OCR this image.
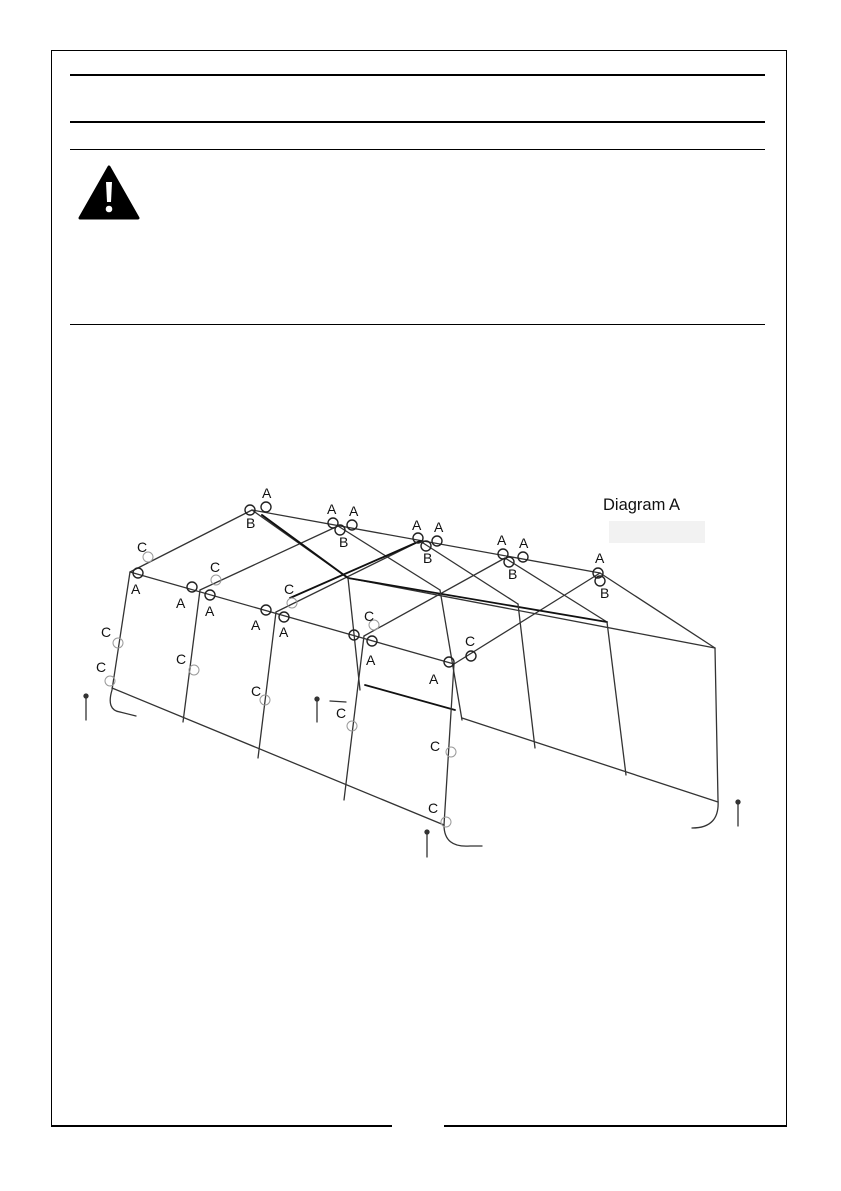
Diagram A
A
B
A A
B
A A
B
A A
B
A
B
A
A A
A A
A
A
C
C
C
C
C
C
C	C
C
C
C
C
